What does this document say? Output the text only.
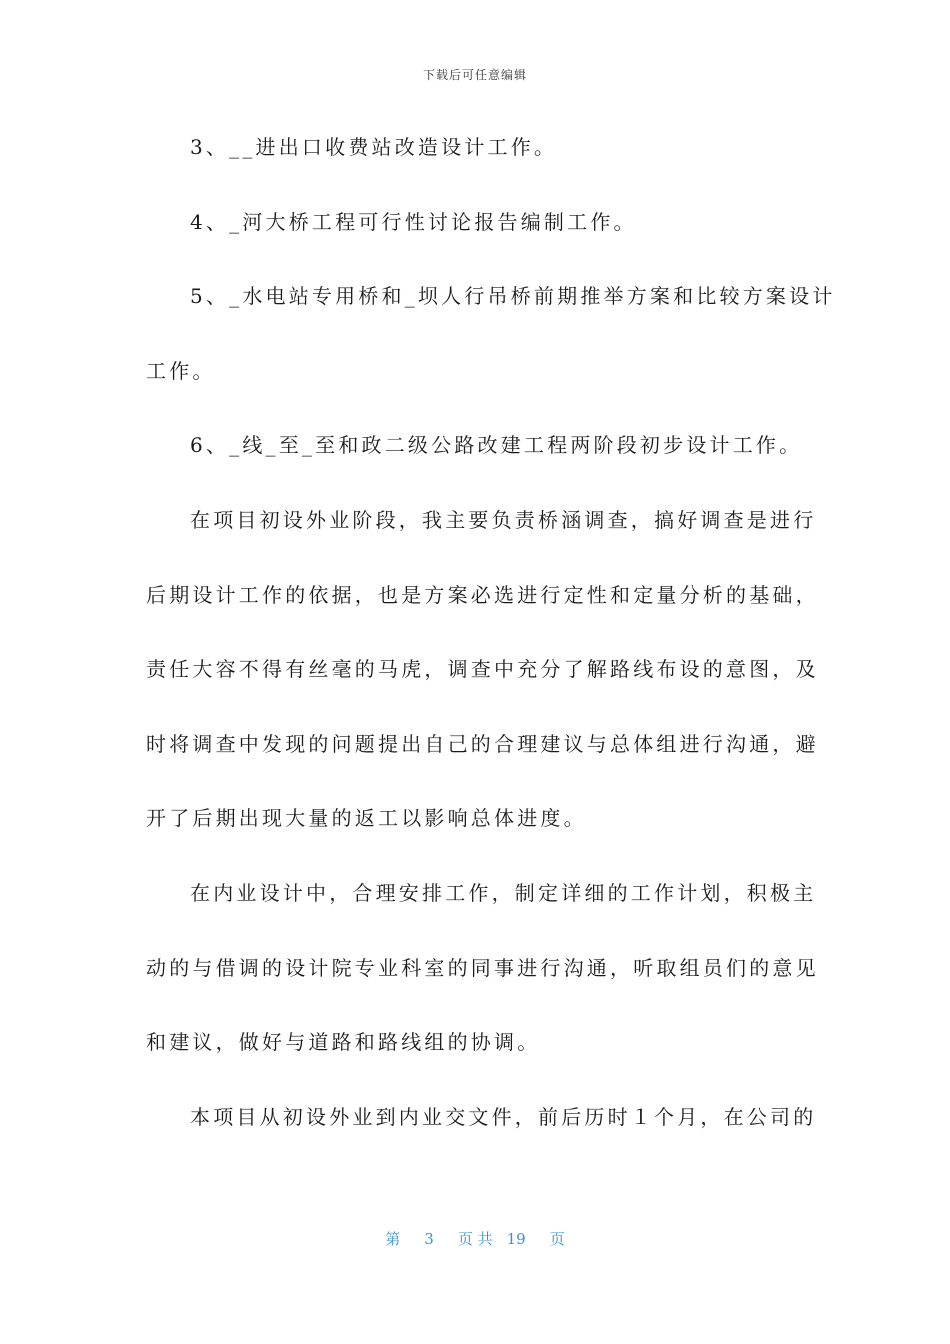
下载后可任意编辑
3、__进出口收费站改造设计工作。
4、_河大桥工程可行性讨论报告编制工作。
5、_水电站专用桥和_坝人行吊桥前期推举方案和比较方案设计
工作。
6、_线_至_至和政二级公路改建工程两阶段初步设计工作。
在项目初设外业阶段，我主要负责桥涵调查，搞好调查是进行
后期设计工作的依据，也是方案必选进行定性和定量分析的基础，
责任大容不得有丝毫的马虎，调查中充分了解路线布设的意图，及
时将调查中发现的问题提出自己的合理建议与总体组进行沟通，避
开了后期出现大量的返工以影响总体进度。
在内业设计中，合理安排工作，制定详细的工作计划，积极主
动的与借调的设计院专业科室的同事进行沟通，听取组员们的意见
和建议，做好与道路和路线组的协调。
本项目从初设外业到内业交文件，前后历时１个月，在公司的
第 3 页 共 19 页
